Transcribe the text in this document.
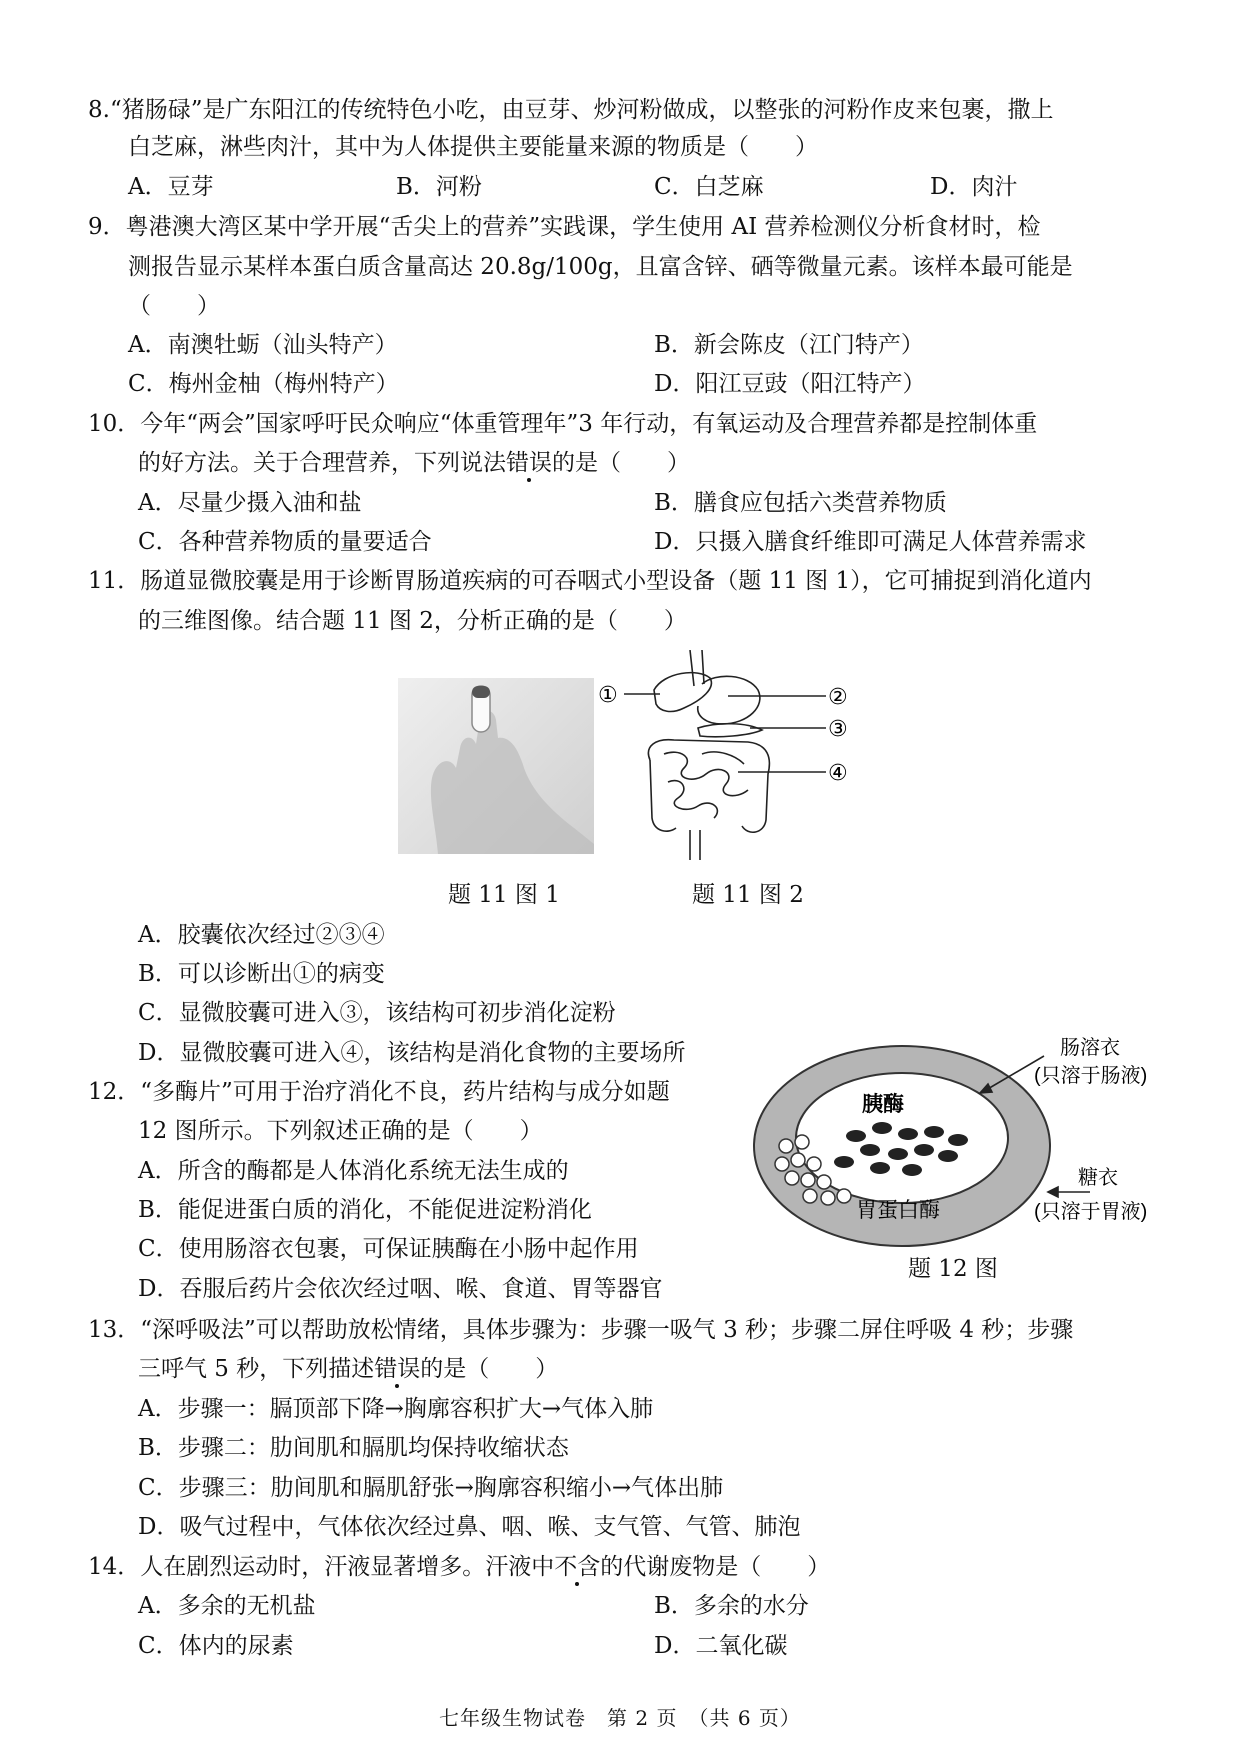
8.“猪肠碌”是广东阳江的传统特色小吃，由豆芽、炒河粉做成，以整张的河粉作皮来包裹，撒上
白芝麻，淋些肉汁，其中为人体提供主要能量来源的物质是（　　）
A．豆芽	B．河粉	C．白芝麻	D．肉汁
9．粤港澳大湾区某中学开展“舌尖上的营养”实践课，学生使用 AI 营养检测仪分析食材时，检
测报告显示某样本蛋白质含量高达 20.8g/100g，且富含锌、硒等微量元素。该样本最可能是
（　　）
A．南澳牡蛎（汕头特产）	B．新会陈皮（江门特产）
C．梅州金柚（梅州特产）	D．阳江豆豉（阳江特产）
10．今年“两会”国家呼吁民众响应“体重管理年”3 年行动，有氧运动及合理营养都是控制体重
的好方法。关于合理营养，下列说法错误的是（　　）
A．尽量少摄入油和盐	B．膳食应包括六类营养物质
C．各种营养物质的量要适合	D．只摄入膳食纤维即可满足人体营养需求
11．肠道显微胶囊是用于诊断胃肠道疾病的可吞咽式小型设备（题 11 图 1），它可捕捉到消化道内
的三维图像。结合题 11 图 2，分析正确的是（　　）
①	②
③
④
题 11 图 1	题 11 图 2
A．胶囊依次经过②③④
B．可以诊断出①的病变
C．显微胶囊可进入③，该结构可初步消化淀粉
D．显微胶囊可进入④，该结构是消化食物的主要场所
12．“多酶片”可用于治疗消化不良，药片结构与成分如题
12 图所示。下列叙述正确的是（　　）
A．所含的酶都是人体消化系统无法生成的
B．能促进蛋白质的消化，不能促进淀粉消化
C．使用肠溶衣包裹，可保证胰酶在小肠中起作用
D．吞服后药片会依次经过咽、喉、食道、胃等器官
胰酶
胃蛋白酶
肠溶衣
(只溶于肠液)
糖衣
(只溶于胃液)
题 12 图
13．“深呼吸法”可以帮助放松情绪，具体步骤为：步骤一吸气 3 秒；步骤二屏住呼吸 4 秒；步骤
三呼气 5 秒，下列描述错误的是（　　）
A．步骤一：膈顶部下降→胸廓容积扩大→气体入肺
B．步骤二：肋间肌和膈肌均保持收缩状态
C．步骤三：肋间肌和膈肌舒张→胸廓容积缩小→气体出肺
D．吸气过程中，气体依次经过鼻、咽、喉、支气管、气管、肺泡
14．人在剧烈运动时，汗液显著增多。汗液中不含的代谢废物是（　　）
A．多余的无机盐	B．多余的水分
C．体内的尿素	D．二氧化碳
七年级生物试卷　第 2 页　（共 6 页）
